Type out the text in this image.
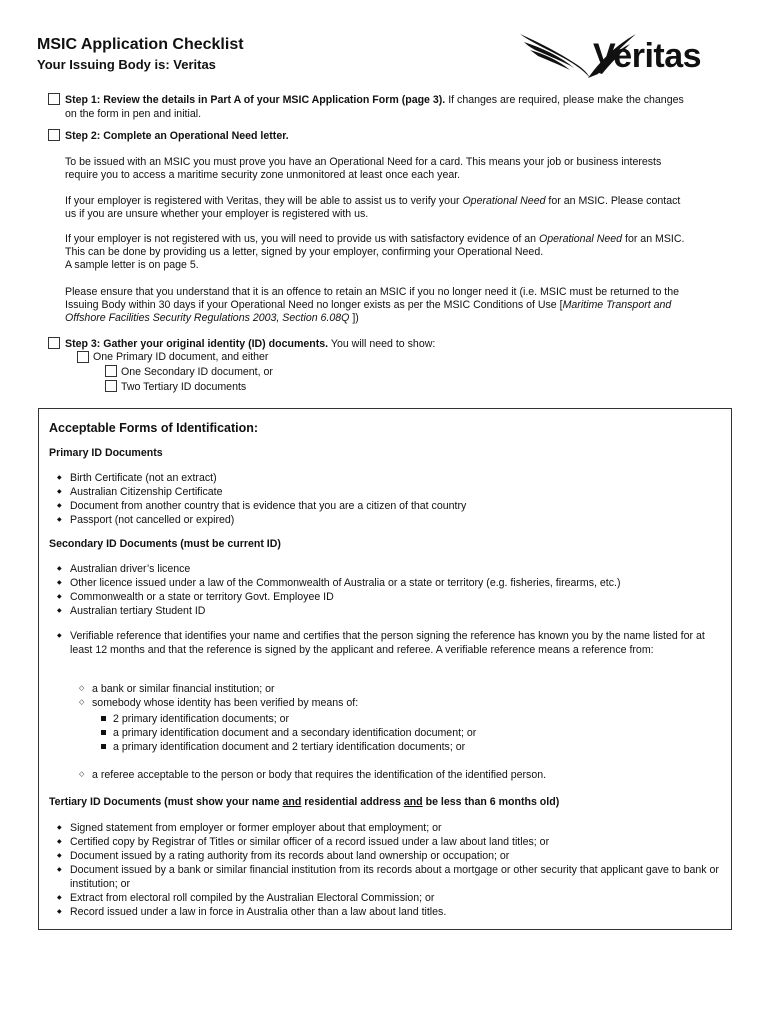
MSIC Application Checklist
Your Issuing Body is: Veritas	Veritas

Step 1: Review the details in Part A of your MSIC Application Form (page 3). If changes are required, please make the changes

on the form in pen and initial.

Step 2: Complete an Operational Need letter.

To be issued with an MSIC you must prove you have an Operational Need for a card. This means your job or business interests

require you to access a maritime security zone unmonitored at least once each year.

If your employer is registered with Veritas, they will be able to assist us to verify your Operational Need for an MSIC. Please contact

us if you are unsure whether your employer is registered with us.

If your employer is not registered with us, you will need to provide us with satisfactory evidence of an Operational Need for an MSIC.

This can be done by providing us a letter, signed by your employer, confirming your Operational Need.

A sample letter is on page 5.

Please ensure that you understand that it is an offence to retain an MSIC if you no longer need it (i.e. MSIC must be returned to the

Issuing Body within 30 days if your Operational Need no longer exists as per the MSIC Conditions of Use [Maritime Transport and

Offshore Facilities Security Regulations 2003, Section 6.08Q ])

Step 3: Gather your original identity (ID) documents. You will need to show:

One Primary ID document, and either

One Secondary ID document, or

Two Tertiary ID documents

Acceptable Forms of Identification:

Primary ID Documents

◆ Birth Certificate (not an extract)
◆ Australian Citizenship Certificate
◆ Document from another country that is evidence that you are a citizen of that country
◆ Passport (not cancelled or expired)

Secondary ID Documents (must be current ID)

◆ Australian driver’s licence
◆ Other licence issued under a law of the Commonwealth of Australia or a state or territory (e.g. fisheries, firearms, etc.)
◆ Commonwealth or a state or territory Govt. Employee ID
◆ Australian tertiary Student ID
◆ Verifiable reference that identifies your name and certifies that the person signing the reference has known you by the name listed for at least 12 months and that the reference is signed by the applicant and referee. A verifiable reference means a reference from:
◇ a bank or similar financial institution; or
◇ somebody whose identity has been verified by means of:
2 primary identification documents; or
a primary identification document and a secondary identification document; or
a primary identification document and 2 tertiary identification documents; or
◇ a referee acceptable to the person or body that requires the identification of the identified person.

Tertiary ID Documents (must show your name and residential address and be less than 6 months old)

◆ Signed statement from employer or former employer about that employment; or
◆ Certified copy by Registrar of Titles or similar officer of a record issued under a law about land titles; or
◆ Document issued by a rating authority from its records about land ownership or occupation; or
◆ Document issued by a bank or similar financial institution from its records about a mortgage or other security that applicant gave to bank or institution; or
◆ Extract from electoral roll compiled by the Australian Electoral Commission; or
◆ Record issued under a law in force in Australia other than a law about land titles.
